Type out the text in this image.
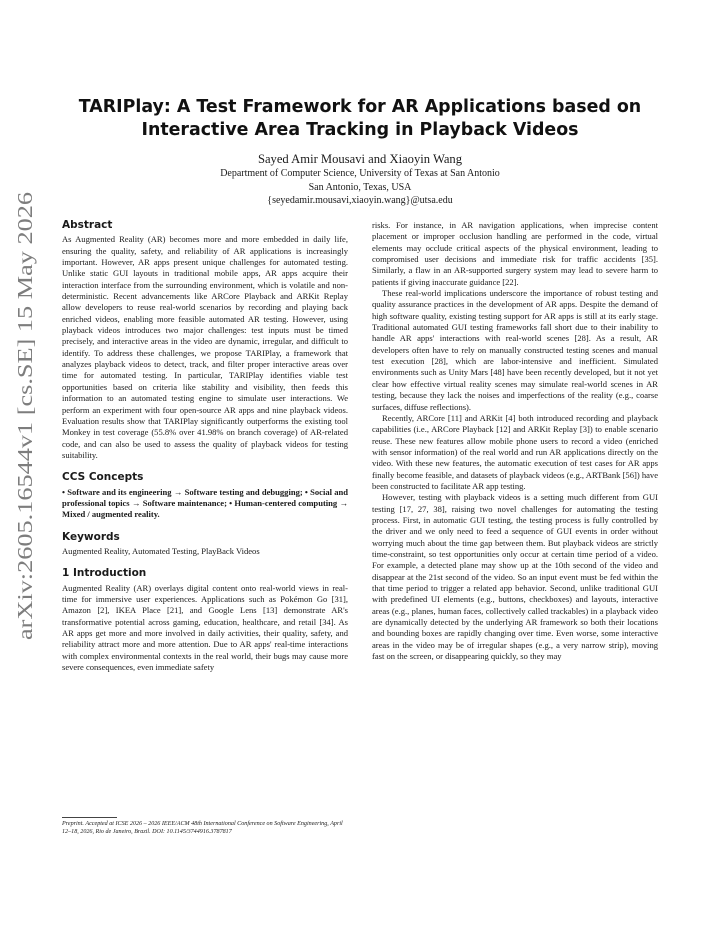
arXiv:2605.16544v1 [cs.SE] 15 May 2026
TARIPlay: A Test Framework for AR Applications based on
Interactive Area Tracking in Playback Videos
Sayed Amir Mousavi and Xiaoyin Wang
Department of Computer Science, University of Texas at San Antonio
San Antonio, Texas, USA
{seyedamir.mousavi,xiaoyin.wang}@utsa.edu
Abstract

As Augmented Reality (AR) becomes more and more embedded in daily life, ensuring the quality, safety, and reliability of AR applications is increasingly important. However, AR apps present unique challenges for automated testing. Unlike static GUI layouts in traditional mobile apps, AR apps acquire their interaction interface from the surrounding environment, which is volatile and non-deterministic. Recent advancements like ARCore Playback and ARKit Replay allow developers to reuse real-world scenarios by recording and playing back enriched videos, enabling more feasible automated AR testing. However, using playback videos introduces two major challenges: test inputs must be timed precisely, and interactive areas in the video are dynamic, irregular, and difficult to identify. To address these challenges, we propose TARIPlay, a framework that analyzes playback videos to detect, track, and filter proper interactive areas over time for automated testing. In particular, TARIPlay identifies viable test opportunities based on criteria like stability and visibility, then feeds this information to an automated testing engine to simulate user interactions. We perform an experiment with four open-source AR apps and nine playback videos. Evaluation results show that TARIPlay significantly outperforms the existing tool Monkey in test coverage (55.8% over 41.98% on branch coverage) of AR-related code, and can also be used to assess the quality of playback videos for testing suitability.

CCS Concepts

• Software and its engineering → Software testing and debugging; • Social and professional topics → Software maintenance; • Human-centered computing → Mixed / augmented reality.

Keywords

Augmented Reality, Automated Testing, PlayBack Videos

1 Introduction

Augmented Reality (AR) overlays digital content onto real-world views in real-time for immersive user experiences. Applications such as Pokémon Go [31], Amazon [2], IKEA Place [21], and Google Lens [13] demonstrate AR's transformative potential across gaming, education, healthcare, and retail [34]. As AR apps get more and more involved in daily activities, their quality, safety, and reliability attract more and more attention. Due to AR apps' real-time interactions with complex environmental contexts in the real world, their bugs may cause more severe consequences, even immediate safety

risks. For instance, in AR navigation applications, when imprecise content placement or improper occlusion handling are performed in the code, virtual elements may occlude critical aspects of the physical environment, leading to compromised user decisions and immediate risk for traffic accidents [35]. Similarly, a flaw in an AR-supported surgery system may lead to severe harm to patients if giving inaccurate guidance [22].

These real-world implications underscore the importance of robust testing and quality assurance practices in the development of AR apps. Despite the demand of high software quality, existing testing support for AR apps is still at its early stage. Traditional automated GUI testing frameworks fall short due to their inability to handle AR apps' interactions with real-world scenes [28]. As a result, AR developers often have to rely on manually constructed testing scenes and manual test execution [28], which are labor-intensive and inefficient. Simulated environments such as Unity Mars [48] have been recently developed, but it not yet clear how effective virtual reality scenes may simulate real-world scenes in AR testing, because they lack the noises and imperfections of the reality (e.g., coarse surfaces, diffuse reflections).

Recently, ARCore [11] and ARKit [4] both introduced recording and playback capabilities (i.e., ARCore Playback [12] and ARKit Replay [3]) to enable scenario reuse. These new features allow mobile phone users to record a video (enriched with sensor information) of the real world and run AR applications directly on the video. With these new features, the automatic execution of test cases for AR apps finally become feasible, and datasets of playback videos (e.g., ARTBank [56]) have been constructed to facilitate AR app testing.

However, testing with playback videos is a setting much different from GUI testing [17, 27, 38], raising two novel challenges for automating the testing process. First, in automatic GUI testing, the testing process is fully controlled by the driver and we only need to feed a sequence of GUI events in order without worrying much about the time gap between them. But playback videos are strictly time-constraint, so test opportunities only occur at certain time period of a video. For example, a detected plane may show up at the 10th second of the video and disappear at the 21st second of the video. So an input event must be fed within the that time period to trigger a related app behavior. Second, unlike traditional GUI with predefined UI elements (e.g., buttons, checkboxes) and layouts, interactive areas (e.g., planes, human faces, collectively called trackables) in a playback video are dynamically detected by the underlying AR framework so both their locations and bounding boxes are rapidly changing over time. Even worse, some interactive areas in the video may be of irregular shapes (e.g., a very narrow strip), moving fast on the screen, or disappearing quickly, so they may

Preprint. Accepted at ICSE 2026 – 2026 IEEE/ACM 48th International Conference on Software Engineering, April 12–18, 2026, Rio de Janeiro, Brazil. DOI: 10.1145/3744916.3787817
